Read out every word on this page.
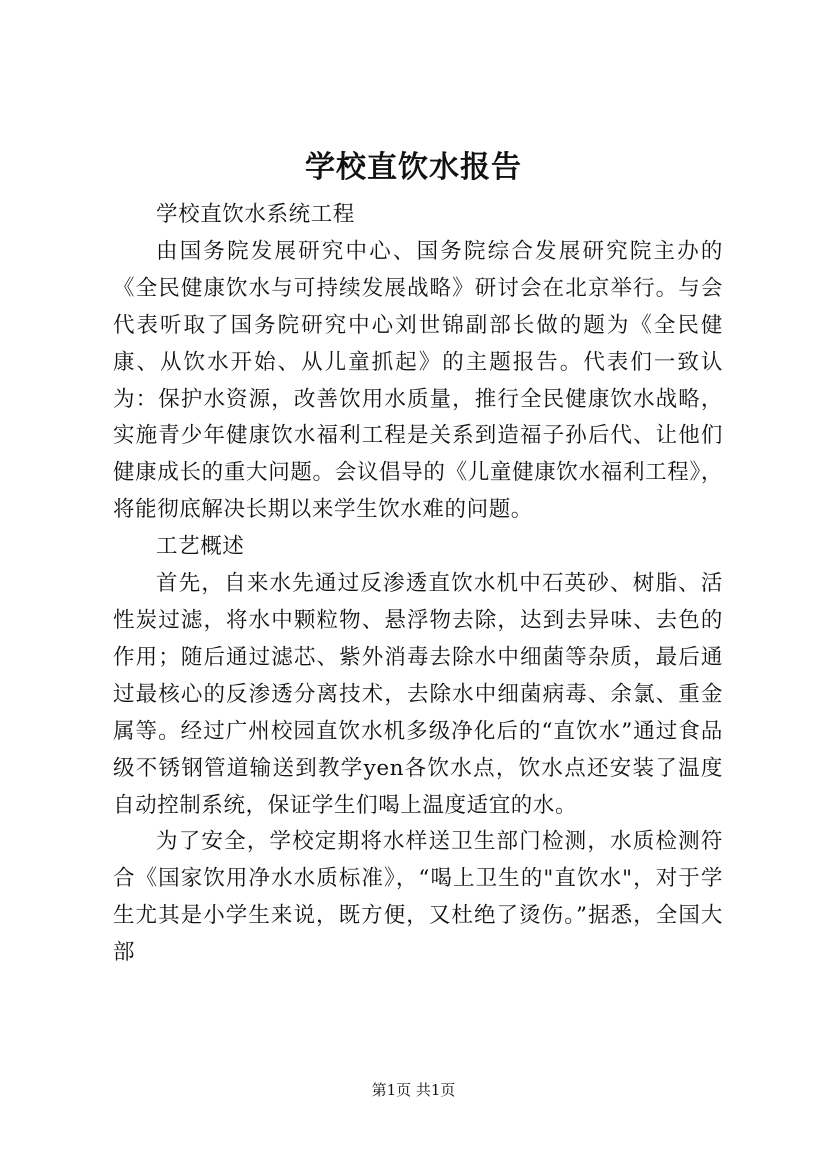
学校直饮水报告

学校直饮水系统工程

由国务院发展研究中心、国务院综合发展研究院主办的《全民健康饮水与可持续发展战略》研讨会在北京举行。与会代表听取了国务院研究中心刘世锦副部长做的题为《全民健康、从饮水开始、从儿童抓起》的主题报告。代表们一致认为：保护水资源，改善饮用水质量，推行全民健康饮水战略，实施青少年健康饮水福利工程是关系到造福子孙后代、让他们健康成长的重大问题。会议倡导的《儿童健康饮水福利工程》，将能彻底解决长期以来学生饮水难的问题。

工艺概述

首先，自来水先通过反渗透直饮水机中石英砂、树脂、活性炭过滤，将水中颗粒物、悬浮物去除，达到去异味、去色的作用；随后通过滤芯、紫外消毒去除水中细菌等杂质，最后通过最核心的反渗透分离技术，去除水中细菌病毒、余氯、重金属等。经过广州校园直饮水机多级净化后的“直饮水”通过食品级不锈钢管道输送到教学yen各饮水点，饮水点还安装了温度自动控制系统，保证学生们喝上温度适宜的水。

为了安全，学校定期将水样送卫生部门检测，水质检测符合《国家饮用净水水质标准》，“喝上卫生的"直饮水"，对于学生尤其是小学生来说，既方便，又杜绝了烫伤。”据悉，全国大部

第1页 共1页
